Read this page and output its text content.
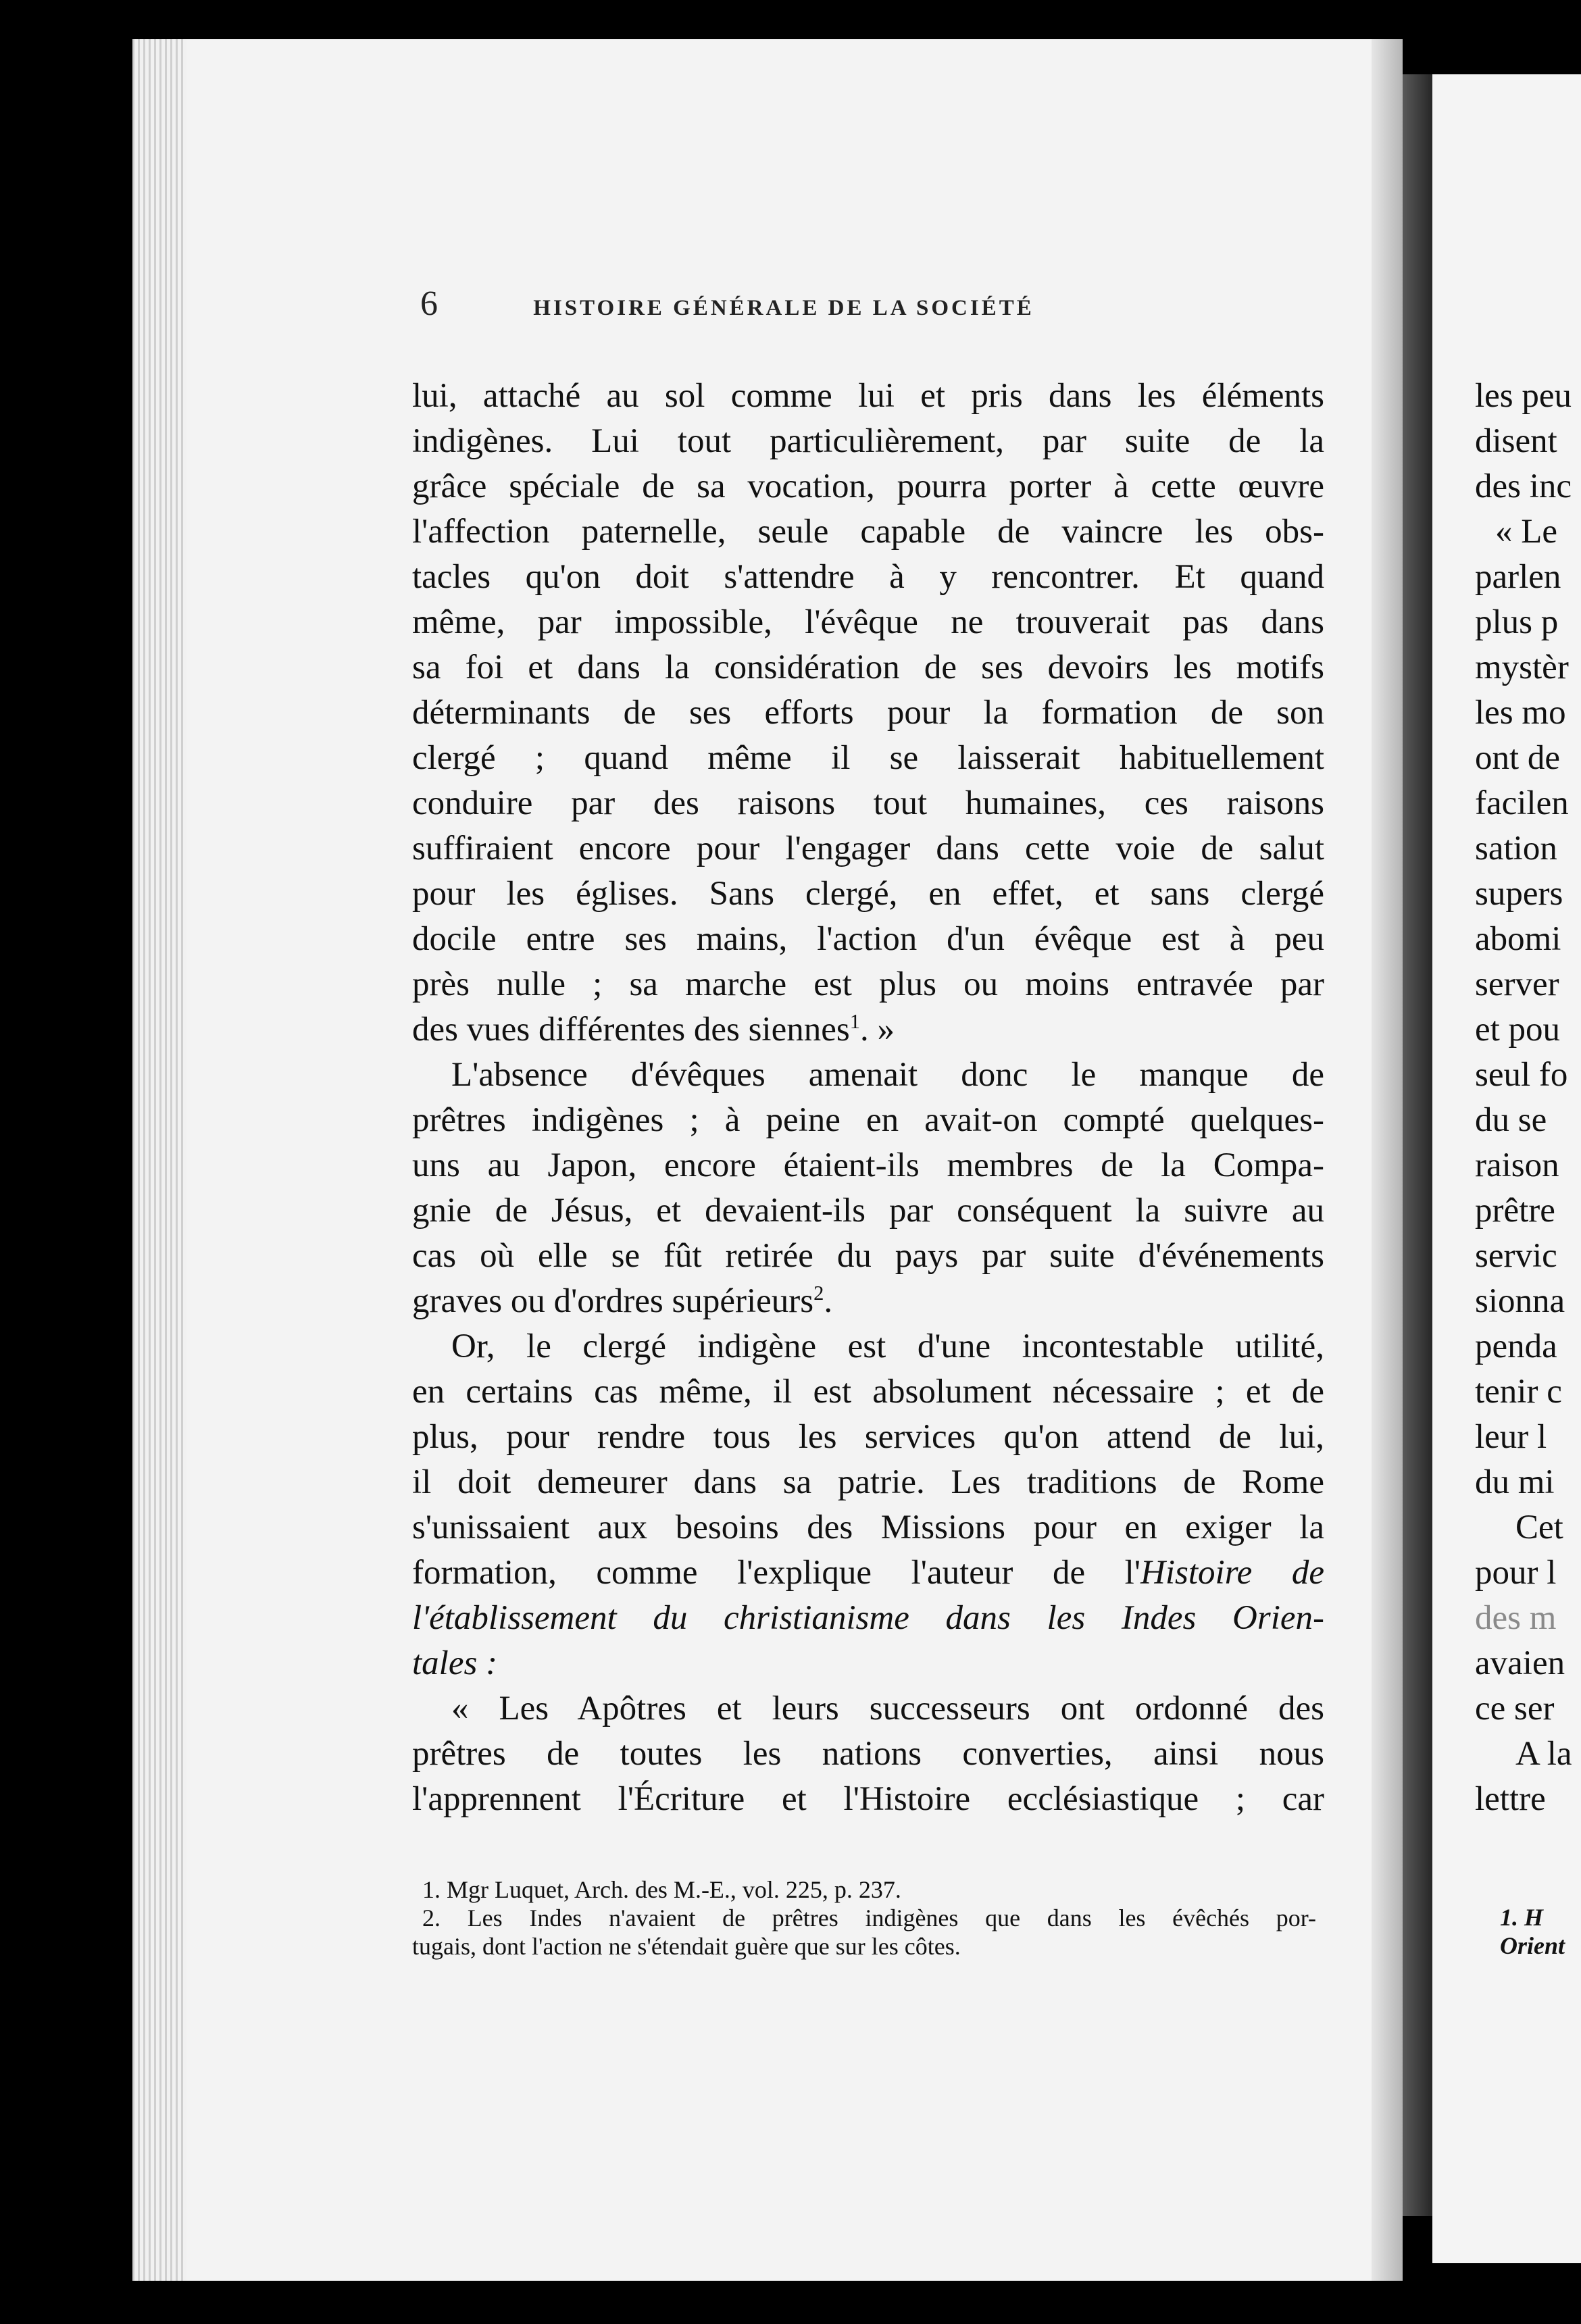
6	HISTOIRE GÉNÉRALE DE LA SOCIÉTÉ
lui, attaché au sol comme lui et pris dans les éléments
indigènes. Lui tout particulièrement, par suite de la
grâce spéciale de sa vocation, pourra porter à cette œuvre
l'affection paternelle, seule capable de vaincre les obs-
tacles qu'on doit s'attendre à y rencontrer. Et quand
même, par impossible, l'évêque ne trouverait pas dans
sa foi et dans la considération de ses devoirs les motifs
déterminants de ses efforts pour la formation de son
clergé ; quand même il se laisserait habituellement
conduire par des raisons tout humaines, ces raisons
suffiraient encore pour l'engager dans cette voie de salut
pour les églises. Sans clergé, en effet, et sans clergé
docile entre ses mains, l'action d'un évêque est à peu
près nulle ; sa marche est plus ou moins entravée par
des vues différentes des siennes$^1$. »
L'absence d'évêques amenait donc le manque de
prêtres indigènes ; à peine en avait-on compté quelques-
uns au Japon, encore étaient-ils membres de la Compa-
gnie de Jésus, et devaient-ils par conséquent la suivre au
cas où elle se fût retirée du pays par suite d'événements
graves ou d'ordres supérieurs$^2$.
Or, le clergé indigène est d'une incontestable utilité,
en certains cas même, il est absolument nécessaire ; et de
plus, pour rendre tous les services qu'on attend de lui,
il doit demeurer dans sa patrie. Les traditions de Rome
s'unissaient aux besoins des Missions pour en exiger la
formation, comme l'explique l'auteur de l'Histoire de
l'établissement du christianisme dans les Indes Orien-
tales :
« Les Apôtres et leurs successeurs ont ordonné des
prêtres de toutes les nations converties, ainsi nous
l'apprennent l'Écriture et l'Histoire ecclésiastique ; car
1. Mgr Luquet, Arch. des M.-E., vol. 225, p. 237.
2. Les Indes n'avaient de prêtres indigènes que dans les évêchés por-
tugais, dont l'action ne s'étendait guère que sur les côtes.
les peu
disent
des inc
« Le
parlen
plus p
mystèr
les mo
ont de
facilen
sation
supers
abomi
server
et pou
seul fo
du se
raison
prêtre
servic
sionna
penda
tenir c
leur l
du mi
Cet
pour l
des m
avaien
ce ser
A la
lettre
1. H
Orient
